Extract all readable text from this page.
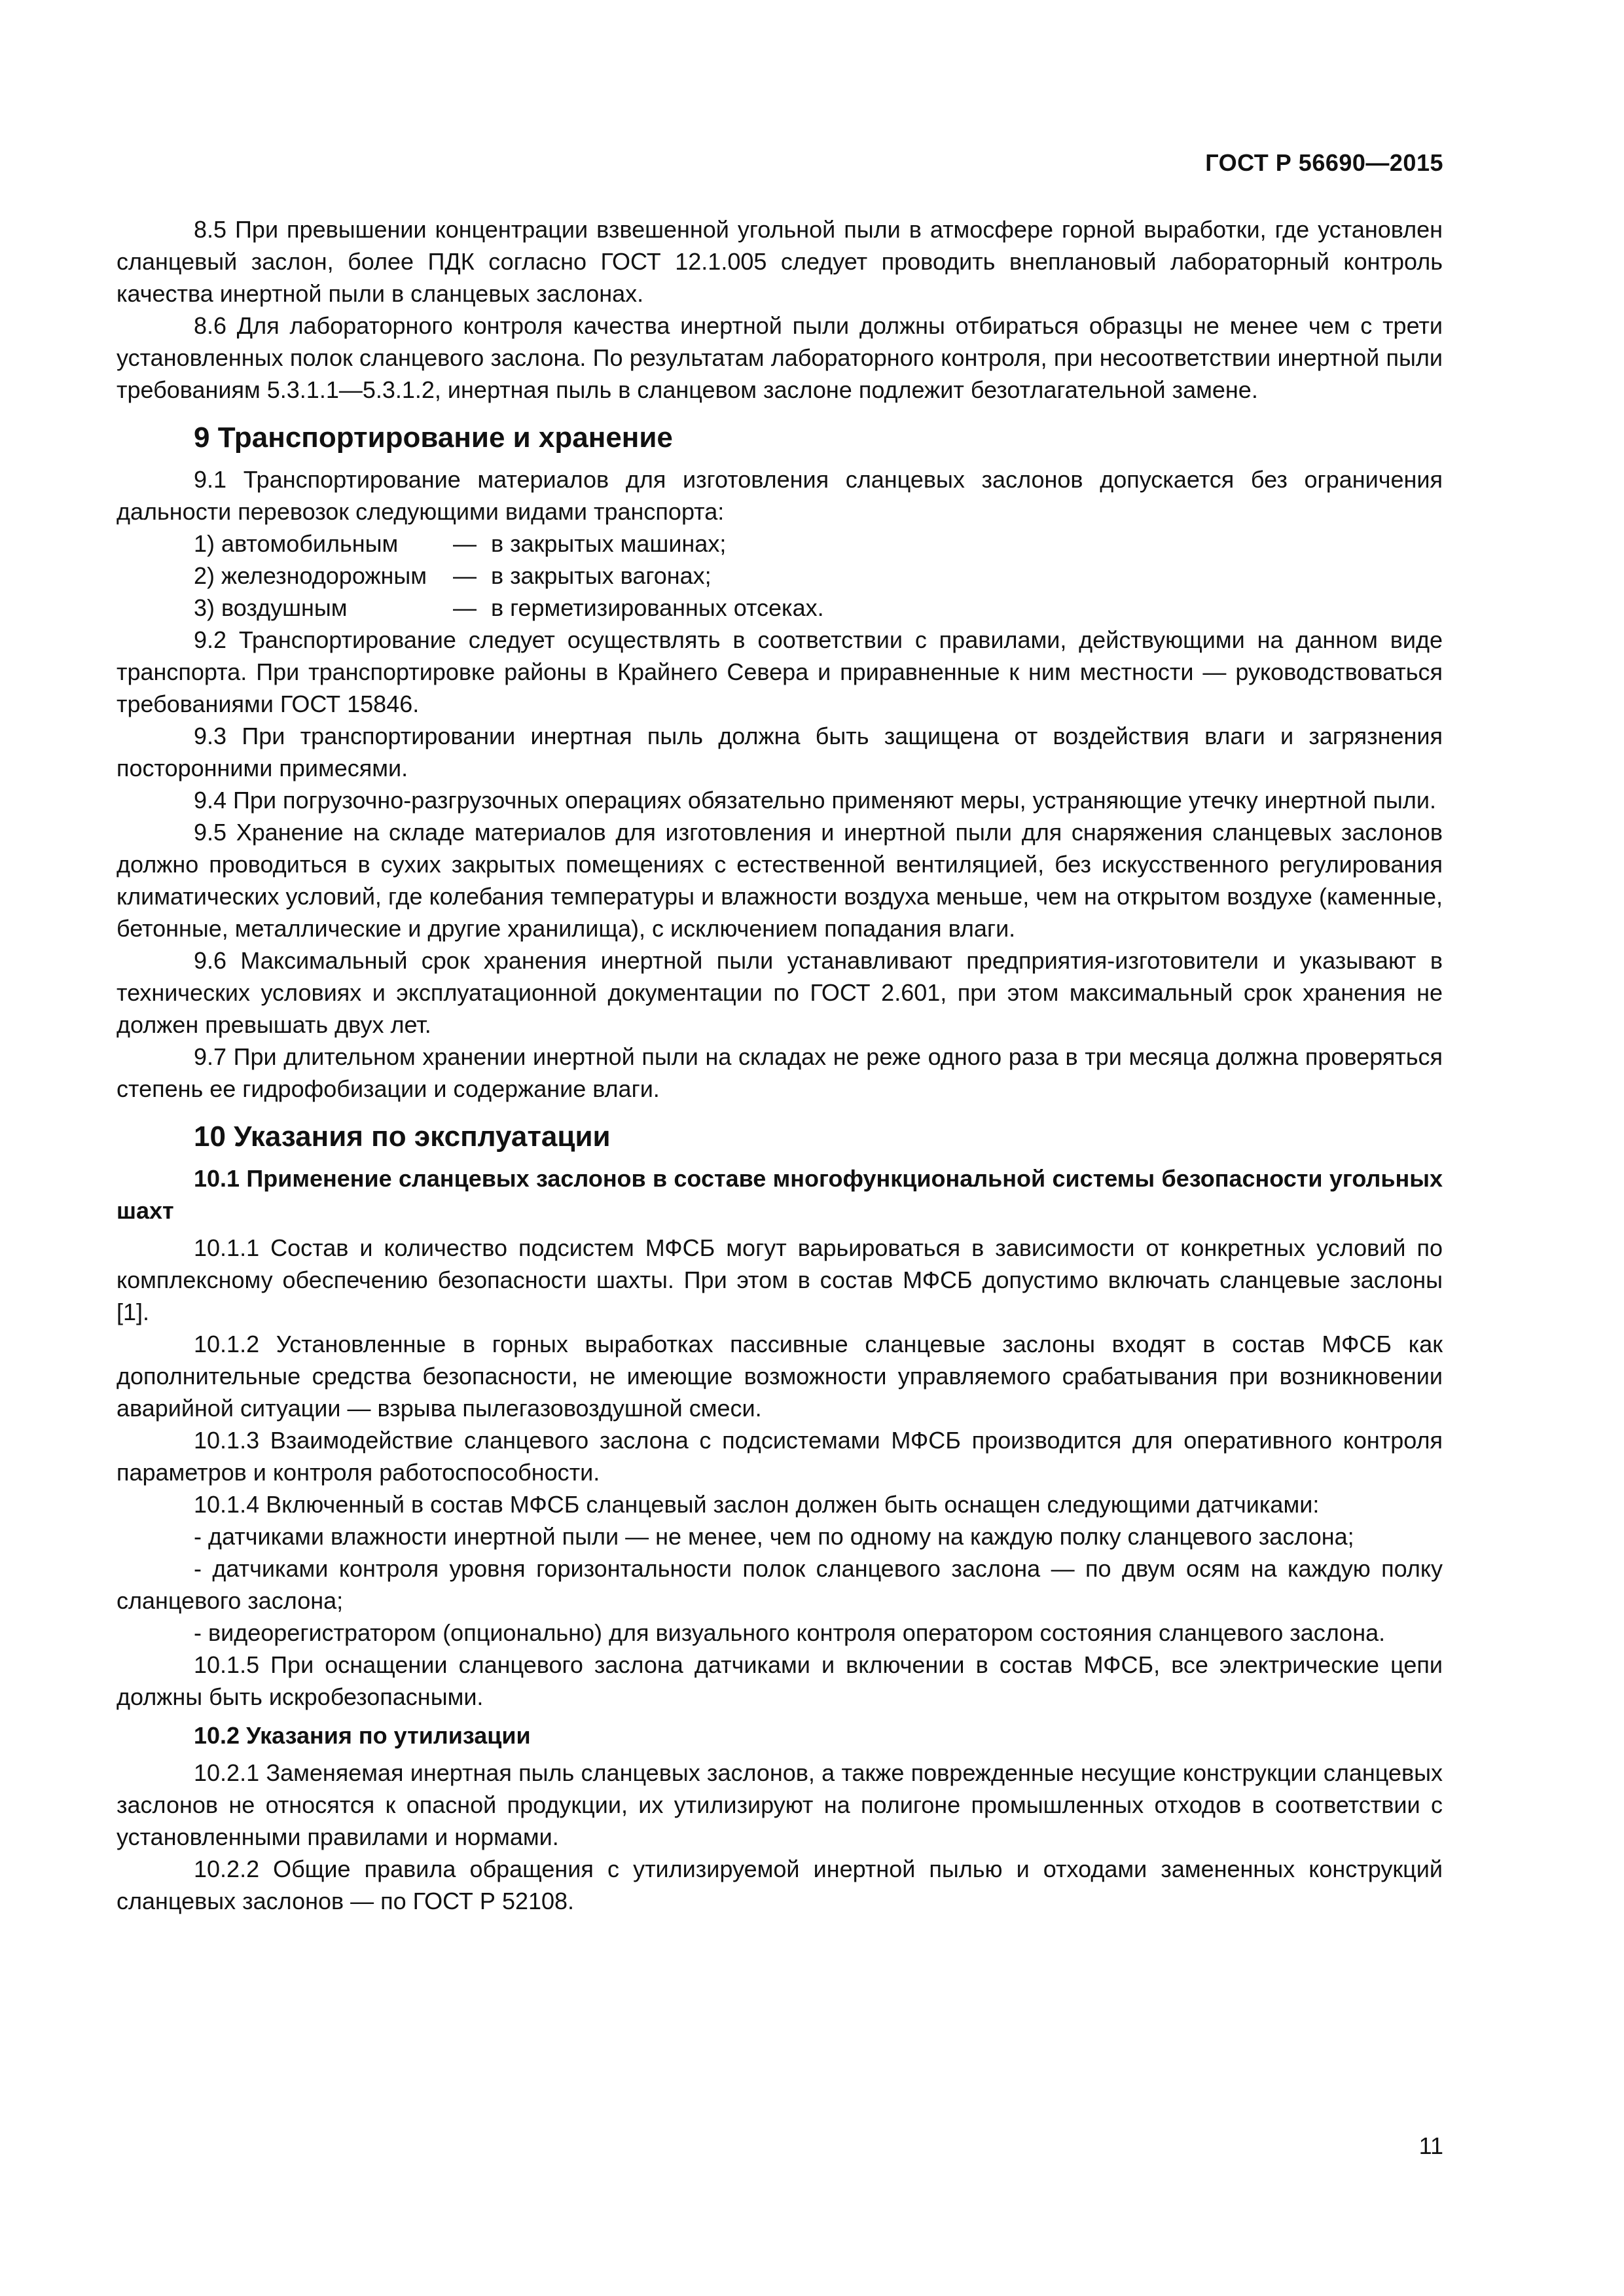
ГОСТ Р 56690—2015

8.5 При превышении концентрации взвешенной угольной пыли в атмосфере горной выработки, где установлен сланцевый заслон, более ПДК согласно ГОСТ 12.1.005 следует проводить внеплановый лабораторный контроль качества инертной пыли в сланцевых заслонах.

8.6 Для лабораторного контроля качества инертной пыли должны отбираться образцы не менее чем с трети установленных полок сланцевого заслона. По результатам лабораторного контроля, при несоответствии инертной пыли требованиям 5.3.1.1—5.3.1.2, инертная пыль в сланцевом заслоне подлежит безотлагательной замене.

9 Транспортирование и хранение

9.1 Транспортирование материалов для изготовления сланцевых заслонов допускается без ограничения дальности перевозок следующими видами транспорта:

1) автомобильным	— в закрытых машинах;
2) железнодорожным	— в закрытых вагонах;
3) воздушным	— в герметизированных отсеках.

9.2 Транспортирование следует осуществлять в соответствии с правилами, действующими на данном виде транспорта. При транспортировке районы в Крайнего Севера и приравненные к ним местности — руководствоваться требованиями ГОСТ 15846.

9.3 При транспортировании инертная пыль должна быть защищена от воздействия влаги и загрязнения посторонними примесями.

9.4 При погрузочно-разгрузочных операциях обязательно применяют меры, устраняющие утечку инертной пыли.

9.5 Хранение на складе материалов для изготовления и инертной пыли для снаряжения сланцевых заслонов должно проводиться в сухих закрытых помещениях с естественной вентиляцией, без искусственного регулирования климатических условий, где колебания температуры и влажности воздуха меньше, чем на открытом воздухе (каменные, бетонные, металлические и другие хранилища), с исключением попадания влаги.

9.6 Максимальный срок хранения инертной пыли устанавливают предприятия-изготовители и указывают в технических условиях и эксплуатационной документации по ГОСТ 2.601, при этом максимальный срок хранения не должен превышать двух лет.

9.7 При длительном хранении инертной пыли на складах не реже одного раза в три месяца должна проверяться степень ее гидрофобизации и содержание влаги.

10 Указания по эксплуатации
10.1 Применение сланцевых заслонов в составе многофункциональной системы безопасности угольных шахт

10.1.1 Состав и количество подсистем МФСБ могут варьироваться в зависимости от конкретных условий по комплексному обеспечению безопасности шахты. При этом в состав МФСБ допустимо включать сланцевые заслоны [1].

10.1.2 Установленные в горных выработках пассивные сланцевые заслоны входят в состав МФСБ как дополнительные средства безопасности, не имеющие возможности управляемого срабатывания при возникновении аварийной ситуации — взрыва пылегазовоздушной смеси.

10.1.3 Взаимодействие сланцевого заслона с подсистемами МФСБ производится для оперативного контроля параметров и контроля работоспособности.

10.1.4 Включенный в состав МФСБ сланцевый заслон должен быть оснащен следующими датчиками:

- датчиками влажности инертной пыли — не менее, чем по одному на каждую полку сланцевого заслона;

- датчиками контроля уровня горизонтальности полок сланцевого заслона — по двум осям на каждую полку сланцевого заслона;

- видеорегистратором (опционально) для визуального контроля оператором состояния сланцевого заслона.

10.1.5 При оснащении сланцевого заслона датчиками и включении в состав МФСБ, все электрические цепи должны быть искробезопасными.

10.2 Указания по утилизации

10.2.1 Заменяемая инертная пыль сланцевых заслонов, а также поврежденные несущие конструкции сланцевых заслонов не относятся к опасной продукции, их утилизируют на полигоне промышленных отходов в соответствии с установленными правилами и нормами.

10.2.2 Общие правила обращения с утилизируемой инертной пылью и отходами замененных конструкций сланцевых заслонов — по ГОСТ Р 52108.

11
